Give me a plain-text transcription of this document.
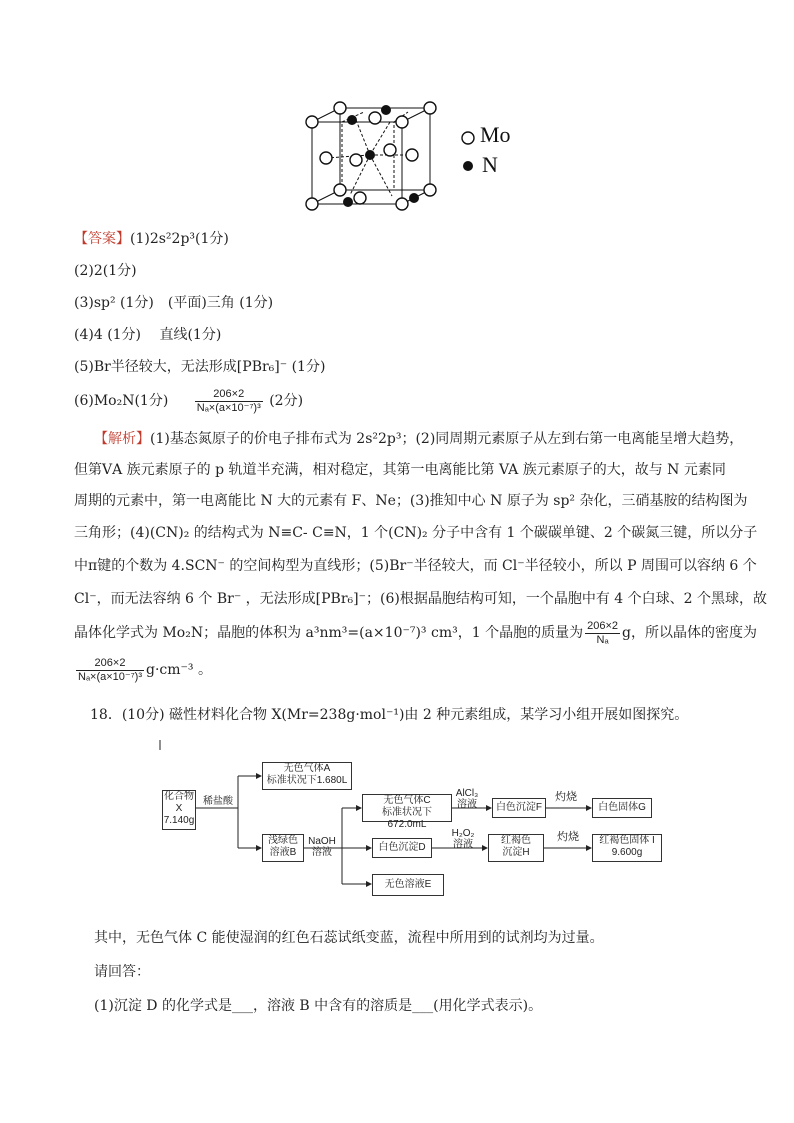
Mo
N
【答案】(1)2s²2p³(1分)
(2)2(1分)
(3)sp² (1分)　(平面)三角 (1分)
(4)4 (1分)　 直线(1分)
(5)Br半径较大，无法形成[PBr₆]⁻ (1分)
(6)Mo₂N(1分) $\frac{206\times 2}{\text{Nₐ×(a×10⁻⁷)³}} (2$分)
【解析】(1)基态氮原子的价电子排布式为 2s²2p³；(2)同周期元素原子从左到右第一电离能呈增大趋势，
但第ⅤA 族元素原子的 p 轨道半充满，相对稳定，其第一电离能比第 VA 族元素原子的大，故与 N 元素同
周期的元素中，第一电离能比 N 大的元素有 F、Ne；(3)推知中心 N 原子为 sp² 杂化，三硝基胺的结构图为
三角形；(4)(CN)₂ 的结构式为 N≡C- C≡N，1 个(CN)₂ 分子中含有 1 个碳碳单键、2 个碳氮三键，所以分子
中π键的个数为 4.SCN⁻ 的空间构型为直线形；(5)Br⁻半径较大，而 Cl⁻半径较小，所以 P 周围可以容纳 6 个
Cl⁻，而无法容纳 6 个 Br⁻ ，无法形成[PBr₆]⁻；(6)根据晶胞结构可知，一个晶胞中有 4 个白球、2 个黑球，故
晶体化学式为 Mo₂N；晶胞的体积为 a³nm³=(a×10⁻⁷)³ cm³，1 个晶胞的质量为 $\frac{206\times 2}{\text{Nₐ}}$ g，所以晶体的密度为
$\frac{206\times 2}{\text{Nₐ×(a×10⁻⁷)³}} g\cdot cm^{-3}$ 。
18．(10分) 磁性材料化合物 X(Mr=238g·mol⁻¹)由 2 种元素组成，某学习小组开展如图探究。
化合物
X
7.140g
稀盐酸
无色气体A
标准状况下1.680L
浅绿色
溶液B
NaOH
溶液
无色气体C
标准状况下672.0mL
AlCl₃
溶液	白色沉淀F
灼烧
白色固体G
白色沉淀D
H₂O₂
溶液	红褐色
沉淀H
灼烧	红褐色固体 I
9.600g
无色溶液E
其中，无色气体 C 能使湿润的红色石蕊试纸变蓝，流程中所用到的试剂均为过量。
请回答：
(1)沉淀 D 的化学式是___，溶液 B 中含有的溶质是___(用化学式表示)。
